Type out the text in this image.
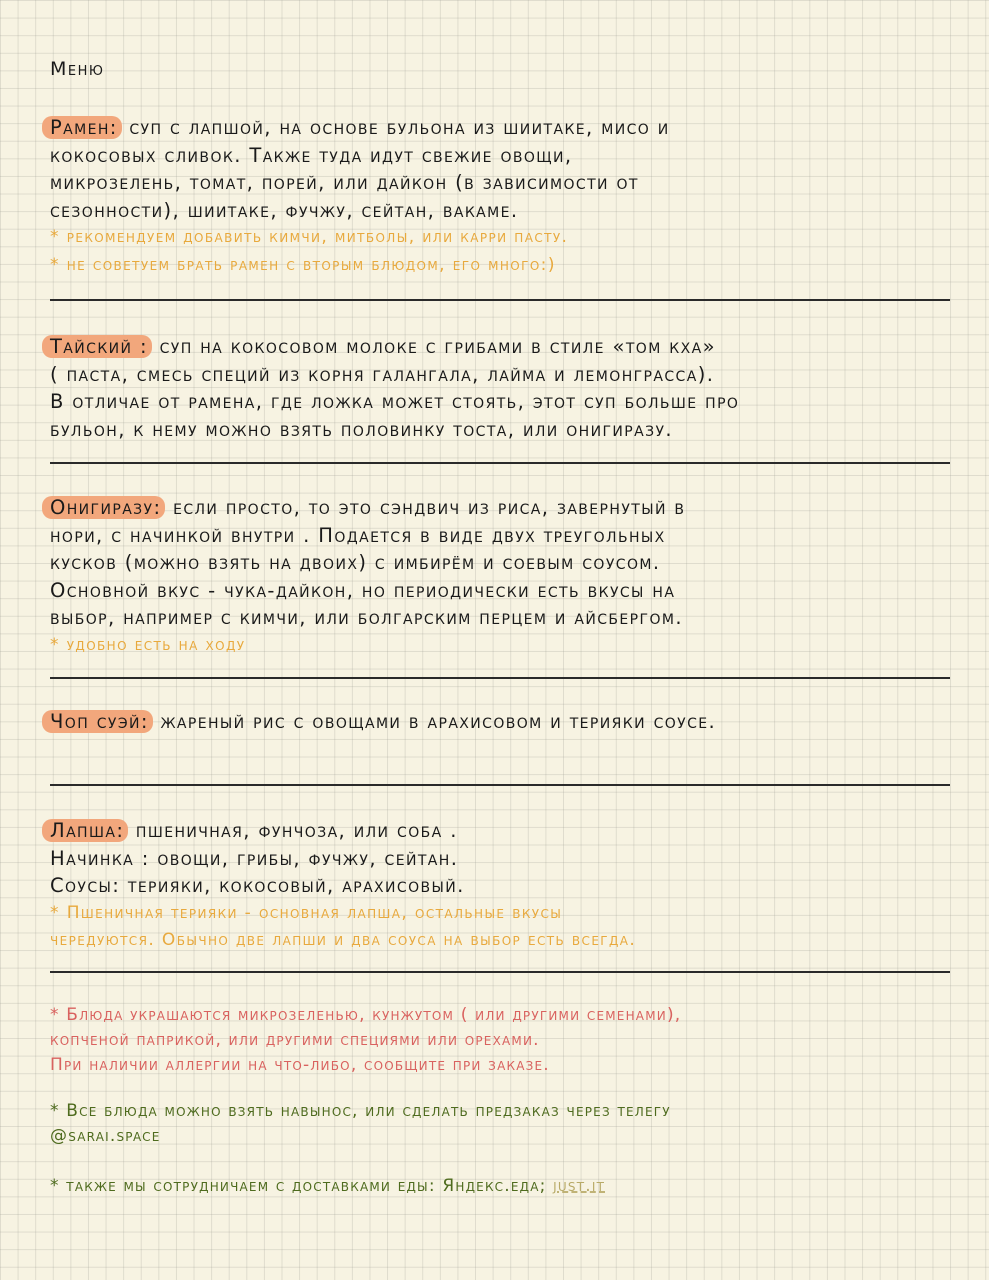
Меню
Рамен: суп с лапшой, на основе бульона из шиитаке, мисо и
кокосовых сливок. Также туда идут свежие овощи,
микрозелень, томат, порей, или дайкон (в зависимости от
сезонности), шиитаке, фучжу, сейтан, вакаме.
* рекомендуем добавить кимчи, митболы, или карри пасту.
* не советуем брать рамен с вторым блюдом, его много:)
Тайский : суп на кокосовом молоке с грибами в стиле «том кха»
( паста, смесь специй из корня галангала, лайма и лемонграсса).
В отличае от рамена, где ложка может стоять, этот суп больше про
бульон, к нему можно взять половинку тоста, или онигиразу.
Онигиразу: если просто, то это сэндвич из риса, завернутый в
нори, с начинкой внутри . Подается в виде двух треугольных
кусков (можно взять на двоих) с имбирём и соевым соусом.
Основной вкус - чука-дайкон, но периодически есть вкусы на
выбор, например с кимчи, или болгарским перцем и айсбергом.
* удобно есть на ходу
Чоп суэй: жареный рис с овощами в арахисовом и терияки соусе.
Лапша: пшеничная, фунчоза, или соба .
Начинка : овощи, грибы, фучжу, сейтан.
Соусы: терияки, кокосовый, арахисовый.
* Пшеничная терияки - основная лапша, остальные вкусы
чередуются. Обычно две лапши и два соуса на выбор есть всегда.
* Блюда украшаются микрозеленью, кунжутом ( или другими семенами),
копченой паприкой, или другими специями или орехами.
При наличии аллергии на что-либо, сообщите при заказе.
* Все блюда можно взять навынос, или сделать предзаказ через телегу
@sarai.space
* также мы сотрудничаем с доставками еды: Яндекс.еда; just.it
